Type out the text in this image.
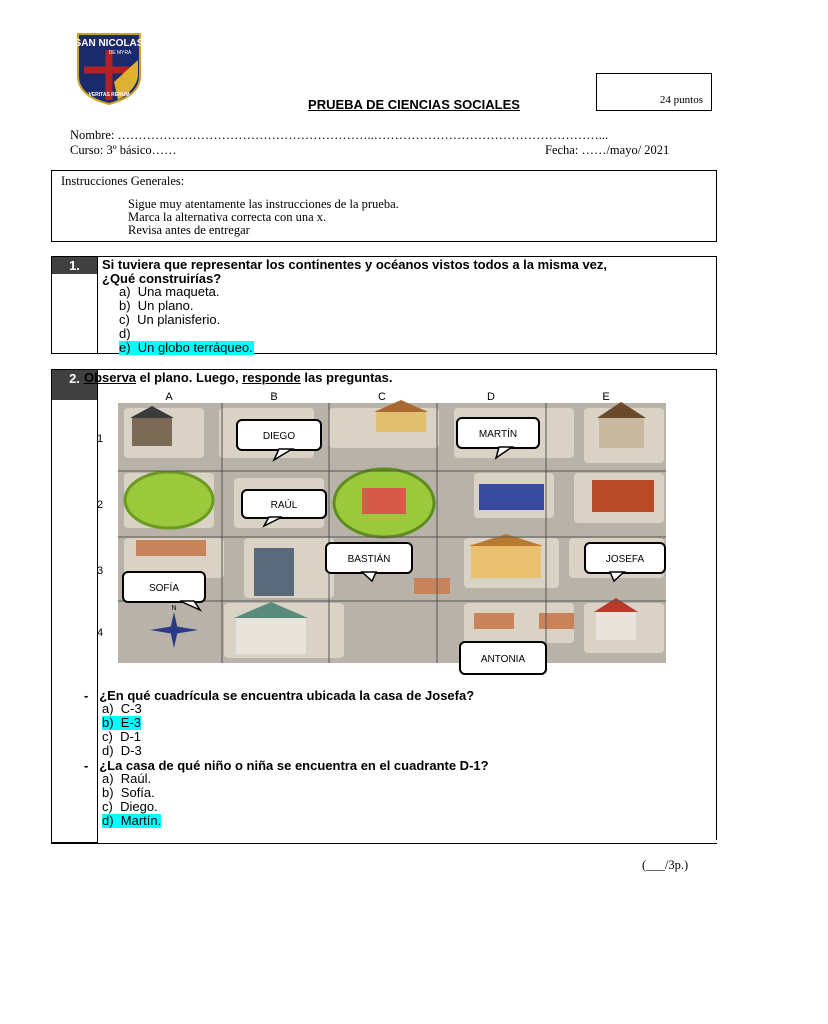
SAN NICOLAS
DE MYRA
VERITAS RERUM	24 puntos
PRUEBA DE CIENCIAS SOCIALES
Nombre: ……………………………………………………..………………………………………………...
Curso: 3º básico……	Fecha: ……/mayo/ 2021
Instrucciones Generales:
Sigue muy atentamente las instrucciones de la prueba.
Marca la alternativa correcta con una x.
Revisa antes de entregar
1.	Si tuviera que representar los continentes y océanos vistos todos a la misma vez,
¿Qué construirías?
a) Una maqueta.
b) Un plano.
c) Un planisferio.
d)
e) Un globo terráqueo.
2. Observa el plano. Luego, responde las preguntas.
A	B	C	D	E
1
2
3
4
N
DIEGO	MARTÍN
RAÚL
BASTIÁN	JOSEFA
SOFÍA
ANTONIA
- ¿En qué cuadrícula se encuentra ubicada la casa de Josefa?
a) C-3
b) E-3
c) D-1
d) D-3
- ¿La casa de qué niño o niña se encuentra en el cuadrante D-1?
a) Raúl.
b) Sofía.
c) Diego.
d) Martín.
(___/3p.)
